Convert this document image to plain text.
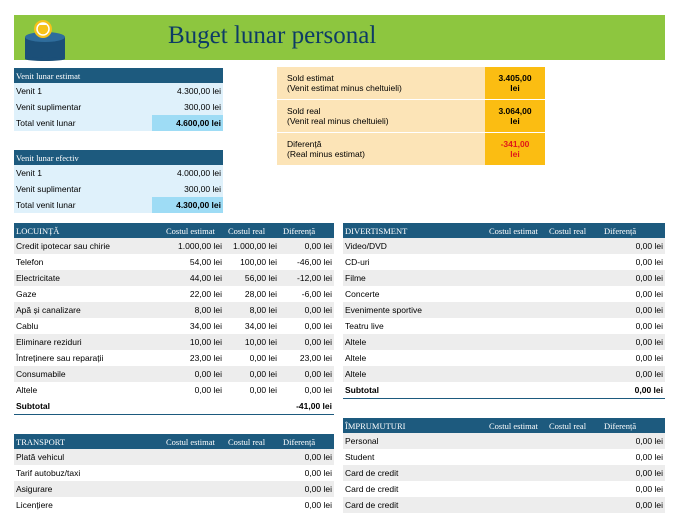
Buget lunar personal
Venit lunar estimat	
Venit 1	4.300,00 lei
Venit suplimentar	300,00 lei
Total venit lunar	4.600,00 lei
Venit lunar efectiv	
Venit 1	4.000,00 lei
Venit suplimentar	300,00 lei
Total venit lunar	4.300,00 lei
Sold estimat
(Venit estimat minus cheltuieli)	3.405,00 lei

Sold real
(Venit real minus cheltuieli)	3.064,00 lei

Diferență
(Real minus estimat)	-341,00 lei
LOCUINȚĂ	Costul estimat	Costul real	Diferență
Credit ipotecar sau chirie	1.000,00 lei	1.000,00 lei	0,00 lei
Telefon	54,00 lei	100,00 lei	-46,00 lei
Electricitate	44,00 lei	56,00 lei	-12,00 lei
Gaze	22,00 lei	28,00 lei	-6,00 lei
Apă și canalizare	8,00 lei	8,00 lei	0,00 lei
Cablu	34,00 lei	34,00 lei	0,00 lei
Eliminare reziduri	10,00 lei	10,00 lei	0,00 lei
Întreținere sau reparații	23,00 lei	0,00 lei	23,00 lei
Consumabile	0,00 lei	0,00 lei	0,00 lei
Altele	0,00 lei	0,00 lei	0,00 lei
Subtotal			-41,00 lei
DIVERTISMENT	Costul estimat	Costul real	Diferență
Video/DVD			0,00 lei
CD-uri			0,00 lei
Filme			0,00 lei
Concerte			0,00 lei
Evenimente sportive			0,00 lei
Teatru live			0,00 lei
Altele			0,00 lei
Altele			0,00 lei
Altele			0,00 lei
Subtotal			0,00 lei
ÎMPRUMUTURI	Costul estimat	Costul real	Diferență
Personal			0,00 lei
Student			0,00 lei
Card de credit			0,00 lei
Card de credit			0,00 lei
Card de credit			0,00 lei
TRANSPORT	Costul estimat	Costul real	Diferență
Plată vehicul			0,00 lei
Tarif autobuz/taxi			0,00 lei
Asigurare			0,00 lei
Licențiere			0,00 lei
